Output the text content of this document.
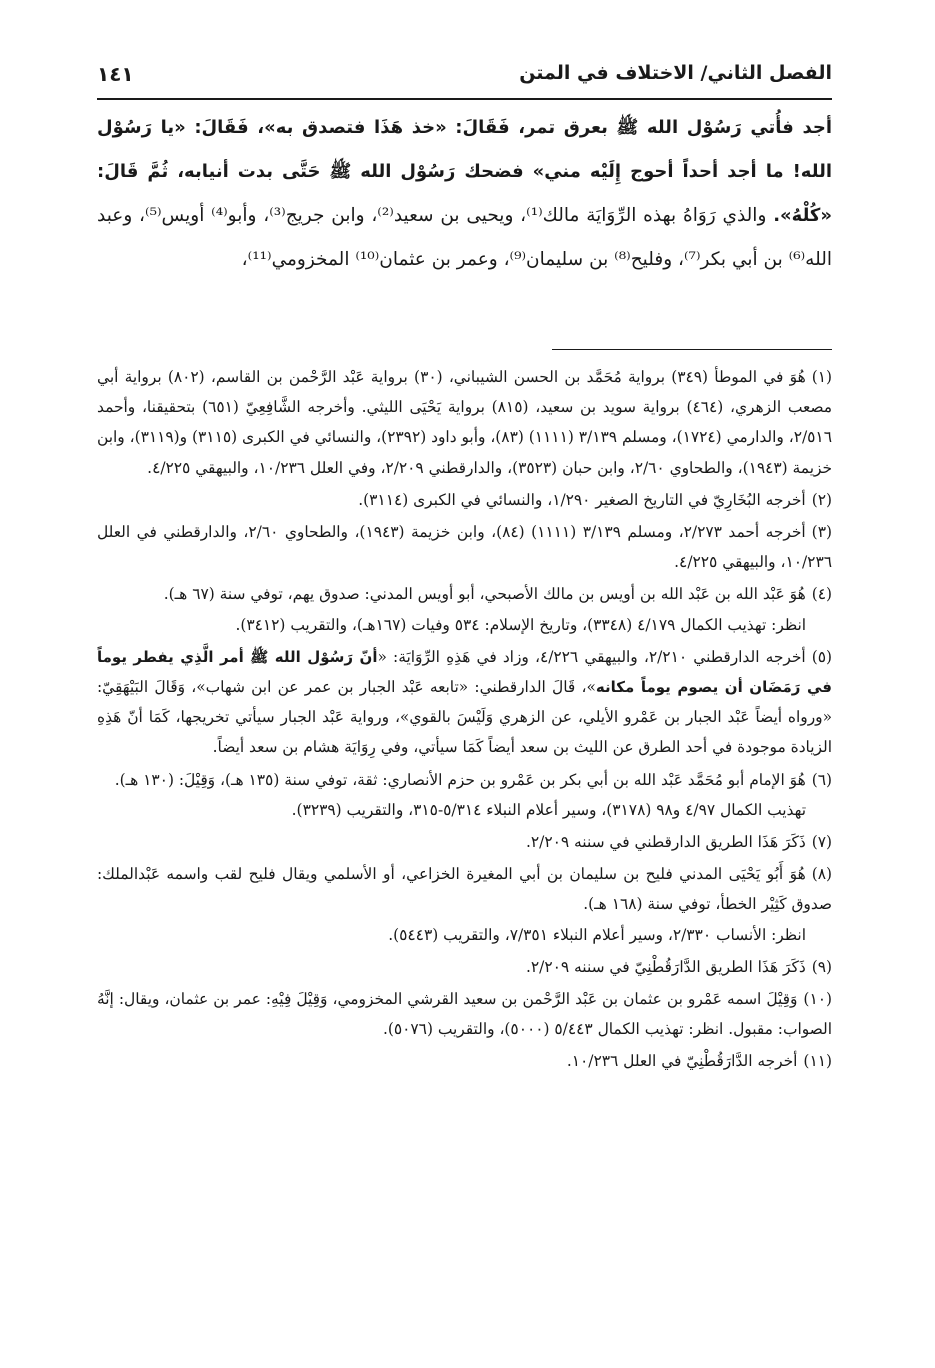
الفصل الثاني/ الاختلاف في المتن
١٤١
أجد فأُتي رَسُوْل الله ﷺ بعرق تمر، فَقَالَ: «خذ هَذَا فتصدق به»، فَقَالَ: «يا رَسُوْل الله! ما أجد أحداً أحوج إِلَيْه مني» فضحك رَسُوْل الله ﷺ حَتَّى بدت أنيابه، ثُمَّ قَالَ: «كُلْهُ». والذي رَوَاهُ بهذه الرِّوَايَة مالك⁽¹⁾، ويحيى بن سعيد⁽²⁾، وابن جريج⁽³⁾، وأبو⁽⁴⁾ أويس⁽⁵⁾، وعبد الله⁽⁶⁾ بن أبي بكر⁽⁷⁾، وفليح⁽⁸⁾ بن سليمان⁽⁹⁾، وعمر بن عثمان⁽¹⁰⁾ المخزومي⁽¹¹⁾،
(١)هُوَ في الموطأ (٣٤٩) برواية مُحَمَّد بن الحسن الشيباني، (٣٠) برواية عَبْد الرَّحْمن بن القاسم، (٨٠٢) برواية أبي مصعب الزهري، (٤٦٤) برواية سويد بن سعيد، (٨١٥) برواية يَحْيَى الليثي. وأخرجه الشَّافِعِيّ (٦٥١) بتحقيقنا، وأحمد ٢/٥١٦، والدارمي (١٧٢٤)، ومسلم ٣/١٣٩ (١١١١) (٨٣)، وأبو داود (٢٣٩٢)، والنسائي في الكبرى (٣١١٥) و(٣١١٩)، وابن خزيمة (١٩٤٣)، والطحاوي ٢/٦٠، وابن حبان (٣٥٢٣)، والدارقطني ٢/٢٠٩، وفي العلل ١٠/٢٣٦، والبيهقي ٤/٢٢٥.
(٢)أخرجه البُخَارِيّ في التاريخ الصغير ١/٢٩٠، والنسائي في الكبرى (٣١١٤).
(٣)أخرجه أحمد ٢/٢٧٣، ومسلم ٣/١٣٩ (١١١١) (٨٤)، وابن خزيمة (١٩٤٣)، والطحاوي ٢/٦٠، والدارقطني في العلل ١٠/٢٣٦، والبيهقي ٤/٢٢٥.
(٤)هُوَ عَبْد الله بن عَبْد الله بن أويس بن مالك الأصبحي، أبو أويس المدني: صدوق يهم، توفي سنة (٦٧ هـ).
انظر: تهذيب الكمال ٤/١٧٩ (٣٣٤٨)، وتاريخ الإسلام: ٥٣٤ وفيات (١٦٧هـ)، والتقريب (٣٤١٢).
(٥)أخرجه الدارقطني ٢/٢١٠، والبيهقي ٤/٢٢٦، وزاد في هَذِهِ الرِّوَايَة: «أنّ رَسُوْل الله ﷺ أمر الَّذِي يفطر يوماً في رَمَضَان أن يصوم يوماً مكانه»، قَالَ الدارقطني: «تابعه عَبْد الجبار بن عمر عن ابن شهاب»، وَقَالَ البَيْهَقِيّ: «ورواه أيضاً عَبْد الجبار بن عَمْرو الأيلي، عن الزهري وَلَيْسَ بالقوي»، ورواية عَبْد الجبار سيأتي تخريجها، كَمَا أنّ هَذِهِ الزيادة موجودة في أحد الطرق عن الليث بن سعد أيضاً كَمَا سيأتي، وفي رِوَايَة هشام بن سعد أيضاً.
(٦)هُوَ الإمام أبو مُحَمَّد عَبْد الله بن أبي بكر بن عَمْرو بن حزم الأنصاري: ثقة، توفي سنة (١٣٥ هـ)، وَقِيْلَ: (١٣٠ هـ).
تهذيب الكمال ٤/٩٧ و٩٨ (٣١٧٨)، وسير أعلام النبلاء ٥/٣١٤-٣١٥، والتقريب (٣٢٣٩).
(٧)ذَكَرَ هَذَا الطريق الدارقطني في سننه ٢/٢٠٩.
(٨)هُوَ أَبُو يَحْيَى المدني فليح بن سليمان بن أبي المغيرة الخزاعي، أو الأسلمي ويقال فليح لقب واسمه عَبْدالملك: صدوق كَثِيْر الخطأ، توفي سنة (١٦٨ هـ).
انظر: الأنساب ٢/٣٣٠، وسير أعلام النبلاء ٧/٣٥١، والتقريب (٥٤٤٣).
(٩)ذَكَرَ هَذَا الطريق الدَّارَقُطْنِيّ في سننه ٢/٢٠٩.
(١٠)وَقِيْلَ اسمه عَمْرو بن عثمان بن عَبْد الرَّحْمن بن سعيد القرشي المخزومي، وَقِيْلَ فِيْهِ: عمر بن عثمان، ويقال: إنَّهُ الصواب: مقبول. انظر: تهذيب الكمال ٥/٤٤٣ (٥٠٠٠)، والتقريب (٥٠٧٦).
(١١)أخرجه الدَّارَقُطْنِيّ في العلل ١٠/٢٣٦.
